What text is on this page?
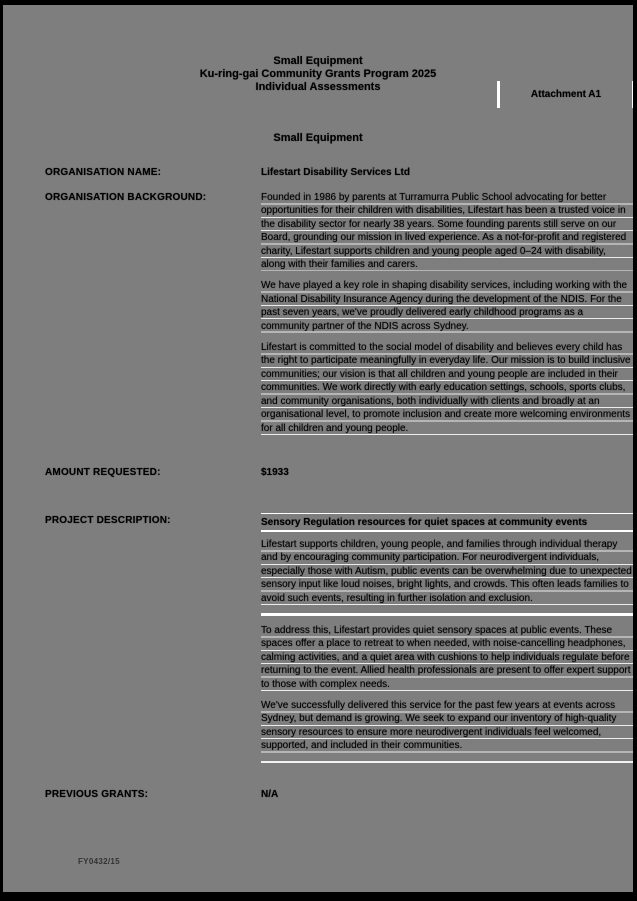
Small Equipment
Ku-ring-gai Community Grants Program 2025
Individual Assessments
Attachment A1
Small Equipment
ORGANISATION NAME:	Lifestart Disability Services Ltd
ORGANISATION BACKGROUND:	Founded in 1986 by parents at Turramurra Public School advocating for better opportunities for their children with disabilities, Lifestart has been a trusted voice in the disability sector for nearly 38 years. Some founding parents still serve on our Board, grounding our mission in lived experience. As a not-for-profit and registered charity, Lifestart supports children and young people aged 0–24 with disability, along with their families and carers.

We have played a key role in shaping disability services, including working with the National Disability Insurance Agency during the development of the NDIS. For the past seven years, we've proudly delivered early childhood programs as a community partner of the NDIS across Sydney.

Lifestart is committed to the social model of disability and believes every child has the right to participate meaningfully in everyday life. Our mission is to build inclusive communities; our vision is that all children and young people are included in their communities. We work directly with early education settings, schools, sports clubs, and community organisations, both individually with clients and broadly at an organisational level, to promote inclusion and create more welcoming environments for all children and young people.

AMOUNT REQUESTED:	$1933
PROJECT DESCRIPTION:	Sensory Regulation resources for quiet spaces at community events

Lifestart supports children, young people, and families through individual therapy and by encouraging community participation. For neurodivergent individuals, especially those with Autism, public events can be overwhelming due to unexpected sensory input like loud noises, bright lights, and crowds. This often leads families to avoid such events, resulting in further isolation and exclusion.

To address this, Lifestart provides quiet sensory spaces at public events. These spaces offer a place to retreat to when needed, with noise-cancelling headphones, calming activities, and a quiet area with cushions to help individuals regulate before returning to the event. Allied health professionals are present to offer expert support to those with complex needs.

We've successfully delivered this service for the past few years at events across Sydney, but demand is growing. We seek to expand our inventory of high-quality sensory resources to ensure more neurodivergent individuals feel welcomed, supported, and included in their communities.

PREVIOUS GRANTS:	N/A
FY0432/15
